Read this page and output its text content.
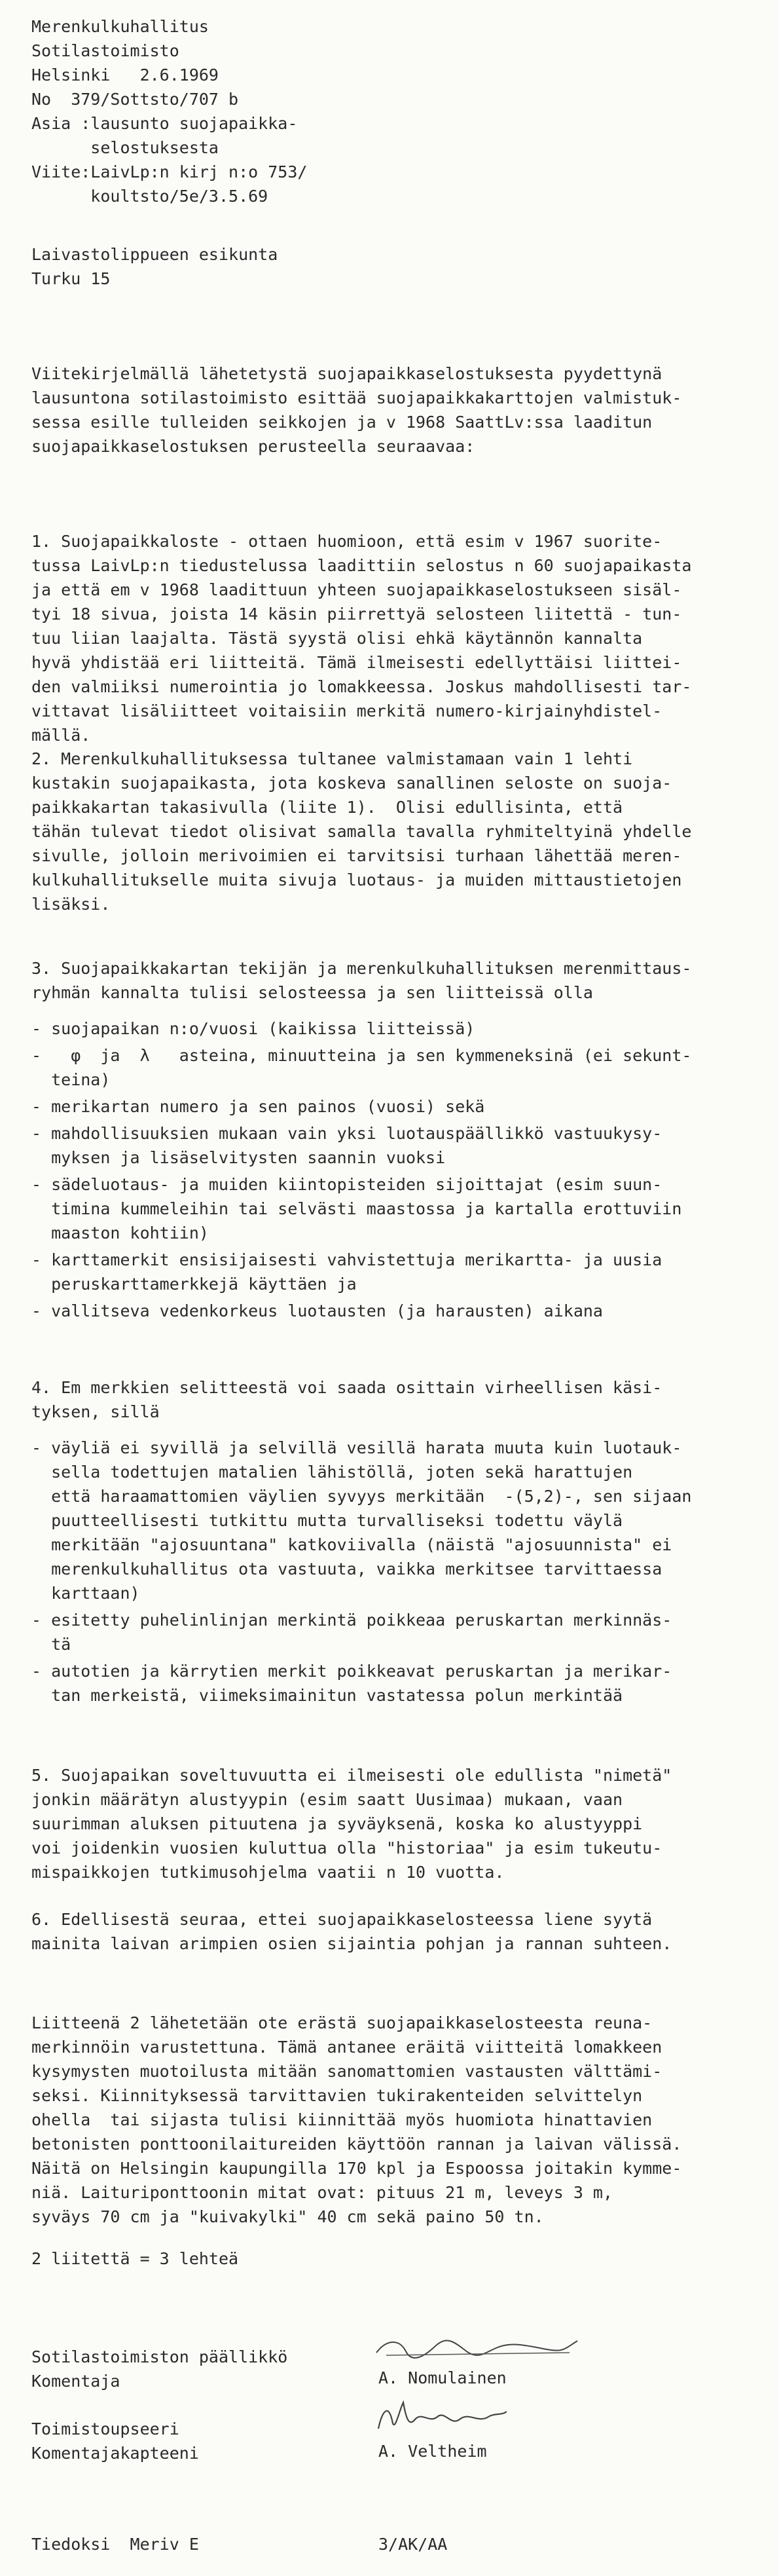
Merenkulkuhallitus
Sotilastoimisto
Helsinki   2.6.1969
No  379/Sottsto/707 b
Asia :lausunto suojapaikka-
selostuksesta
Viite:LaivLp:n kirj n:o 753/
koultsto/5e/3.5.69
Laivastolippueen esikunta
Turku 15
Viitekirjelmällä lähetetystä suojapaikkaselostuksesta pyydettynä
lausuntona sotilastoimisto esittää suojapaikkakarttojen valmistuk-
sessa esille tulleiden seikkojen ja v 1968 SaattLv:ssa laaditun
suojapaikkaselostuksen perusteella seuraavaa:
1. Suojapaikkaloste - ottaen huomioon, että esim v 1967 suorite-
tussa LaivLp:n tiedustelussa laadittiin selostus n 60 suojapaikasta
ja että em v 1968 laadittuun yhteen suojapaikkaselostukseen sisäl-
tyi 18 sivua, joista 14 käsin piirrettyä selosteen liitettä - tun-
tuu liian laajalta. Tästä syystä olisi ehkä käytännön kannalta
hyvä yhdistää eri liitteitä. Tämä ilmeisesti edellyttäisi liittei-
den valmiiksi numerointia jo lomakkeessa. Joskus mahdollisesti tar-
vittavat lisäliitteet voitaisiin merkitä numero-kirjainyhdistel-
mällä.
2. Merenkulkuhallituksessa tultanee valmistamaan vain 1 lehti
kustakin suojapaikasta, jota koskeva sanallinen seloste on suoja-
paikkakartan takasivulla (liite 1).  Olisi edullisinta, että
tähän tulevat tiedot olisivat samalla tavalla ryhmiteltyinä yhdelle
sivulle, jolloin merivoimien ei tarvitsisi turhaan lähettää meren-
kulkuhallitukselle muita sivuja luotaus- ja muiden mittaustietojen
lisäksi.
3. Suojapaikkakartan tekijän ja merenkulkuhallituksen merenmittaus-
ryhmän kannalta tulisi selosteessa ja sen liitteissä olla
- suojapaikan n:o/vuosi (kaikissa liitteissä)
-   φ  ja  λ   asteina, minuutteina ja sen kymmeneksinä (ei sekunt-
teina)
- merikartan numero ja sen painos (vuosi) sekä
- mahdollisuuksien mukaan vain yksi luotauspäällikkö vastuukysy-
myksen ja lisäselvitysten saannin vuoksi
- sädeluotaus- ja muiden kiintopisteiden sijoittajat (esim suun-
timina kummeleihin tai selvästi maastossa ja kartalla erottuviin
maaston kohtiin)
- karttamerkit ensisijaisesti vahvistettuja merikartta- ja uusia
peruskarttamerkkejä käyttäen ja
- vallitseva vedenkorkeus luotausten (ja harausten) aikana
4. Em merkkien selitteestä voi saada osittain virheellisen käsi-
tyksen, sillä
- väyliä ei syvillä ja selvillä vesillä harata muuta kuin luotauk-
sella todettujen matalien lähistöllä, joten sekä harattujen
että haraamattomien väylien syvyys merkitään  -(5,2)-, sen sijaan
puutteellisesti tutkittu mutta turvalliseksi todettu väylä
merkitään "ajosuuntana" katkoviivalla (näistä "ajosuunnista" ei
merenkulkuhallitus ota vastuuta, vaikka merkitsee tarvittaessa
karttaan)
- esitetty puhelinlinjan merkintä poikkeaa peruskartan merkinnäs-
tä
- autotien ja kärrytien merkit poikkeavat peruskartan ja merikar-
tan merkeistä, viimeksimainitun vastatessa polun merkintää
5. Suojapaikan soveltuvuutta ei ilmeisesti ole edullista "nimetä"
jonkin määrätyn alustyypin (esim saatt Uusimaa) mukaan, vaan
suurimman aluksen pituutena ja syväyksenä, koska ko alustyyppi
voi joidenkin vuosien kuluttua olla "historiaa" ja esim tukeutu-
mispaikkojen tutkimusohjelma vaatii n 10 vuotta.
6. Edellisestä seuraa, ettei suojapaikkaselosteessa liene syytä
mainita laivan arimpien osien sijaintia pohjan ja rannan suhteen.
Liitteenä 2 lähetetään ote erästä suojapaikkaselosteesta reuna-
merkinnöin varustettuna. Tämä antanee eräitä viitteitä lomakkeen
kysymysten muotoilusta mitään sanomattomien vastausten välttämi-
seksi. Kiinnityksessä tarvittavien tukirakenteiden selvittelyn
ohella  tai sijasta tulisi kiinnittää myös huomiota hinattavien
betonisten ponttoonilaitureiden käyttöön rannan ja laivan välissä.
Näitä on Helsingin kaupungilla 170 kpl ja Espoossa joitakin kymme-
niä. Laituriponttoonin mitat ovat: pituus 21 m, leveys 3 m,
syväys 70 cm ja "kuivakylki" 40 cm sekä paino 50 tn.
2 liitettä = 3 lehteä
Sotilastoimiston päällikkö
Komentaja	A. Nomulainen
Toimistoupseeri
Komentajakapteeni	A. Veltheim
Tiedoksi  Meriv E	3/AK/AA
